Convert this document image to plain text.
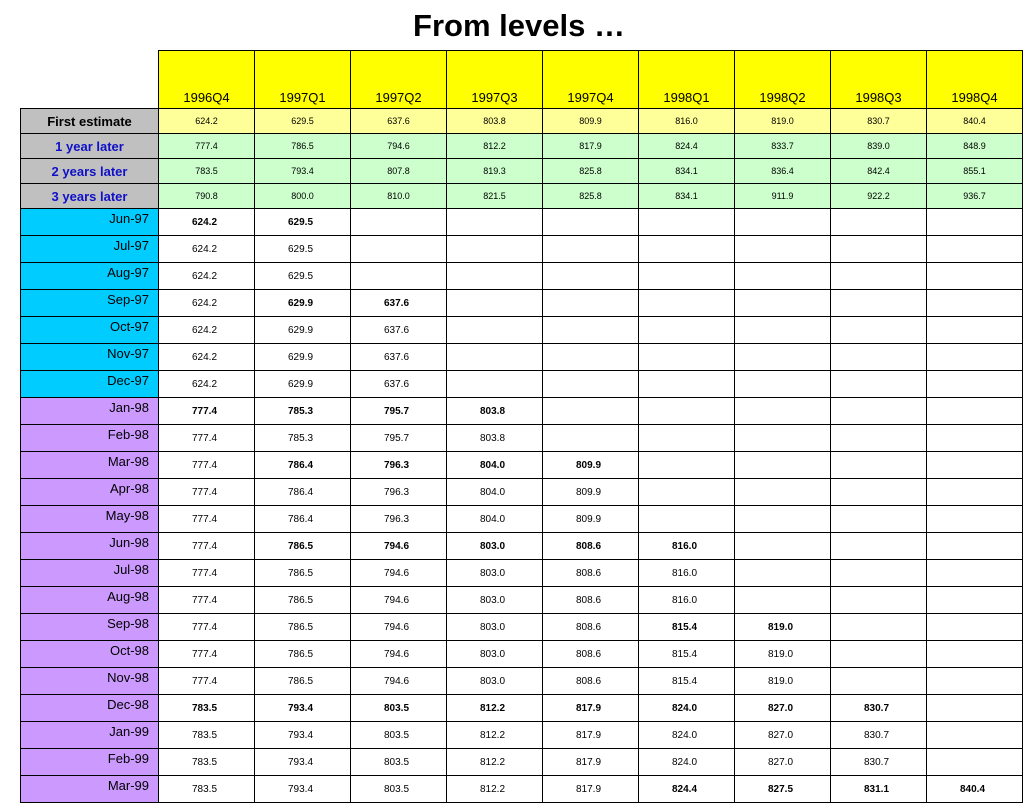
From levels …
	1996Q4	1997Q1	1997Q2	1997Q3	1997Q4	1998Q1	1998Q2	1998Q3	1998Q4
First estimate	624.2	629.5	637.6	803.8	809.9	816.0	819.0	830.7	840.4
1 year later	777.4	786.5	794.6	812.2	817.9	824.4	833.7	839.0	848.9
2 years later	783.5	793.4	807.8	819.3	825.8	834.1	836.4	842.4	855.1
3 years later	790.8	800.0	810.0	821.5	825.8	834.1	911.9	922.2	936.7
Jun-97	624.2	629.5							
Jul-97	624.2	629.5							
Aug-97	624.2	629.5							
Sep-97	624.2	629.9	637.6						
Oct-97	624.2	629.9	637.6						
Nov-97	624.2	629.9	637.6						
Dec-97	624.2	629.9	637.6						
Jan-98	777.4	785.3	795.7	803.8					
Feb-98	777.4	785.3	795.7	803.8					
Mar-98	777.4	786.4	796.3	804.0	809.9				
Apr-98	777.4	786.4	796.3	804.0	809.9				
May-98	777.4	786.4	796.3	804.0	809.9				
Jun-98	777.4	786.5	794.6	803.0	808.6	816.0			
Jul-98	777.4	786.5	794.6	803.0	808.6	816.0			
Aug-98	777.4	786.5	794.6	803.0	808.6	816.0			
Sep-98	777.4	786.5	794.6	803.0	808.6	815.4	819.0		
Oct-98	777.4	786.5	794.6	803.0	808.6	815.4	819.0		
Nov-98	777.4	786.5	794.6	803.0	808.6	815.4	819.0		
Dec-98	783.5	793.4	803.5	812.2	817.9	824.0	827.0	830.7	
Jan-99	783.5	793.4	803.5	812.2	817.9	824.0	827.0	830.7	
Feb-99	783.5	793.4	803.5	812.2	817.9	824.0	827.0	830.7	
Mar-99	783.5	793.4	803.5	812.2	817.9	824.4	827.5	831.1	840.4
